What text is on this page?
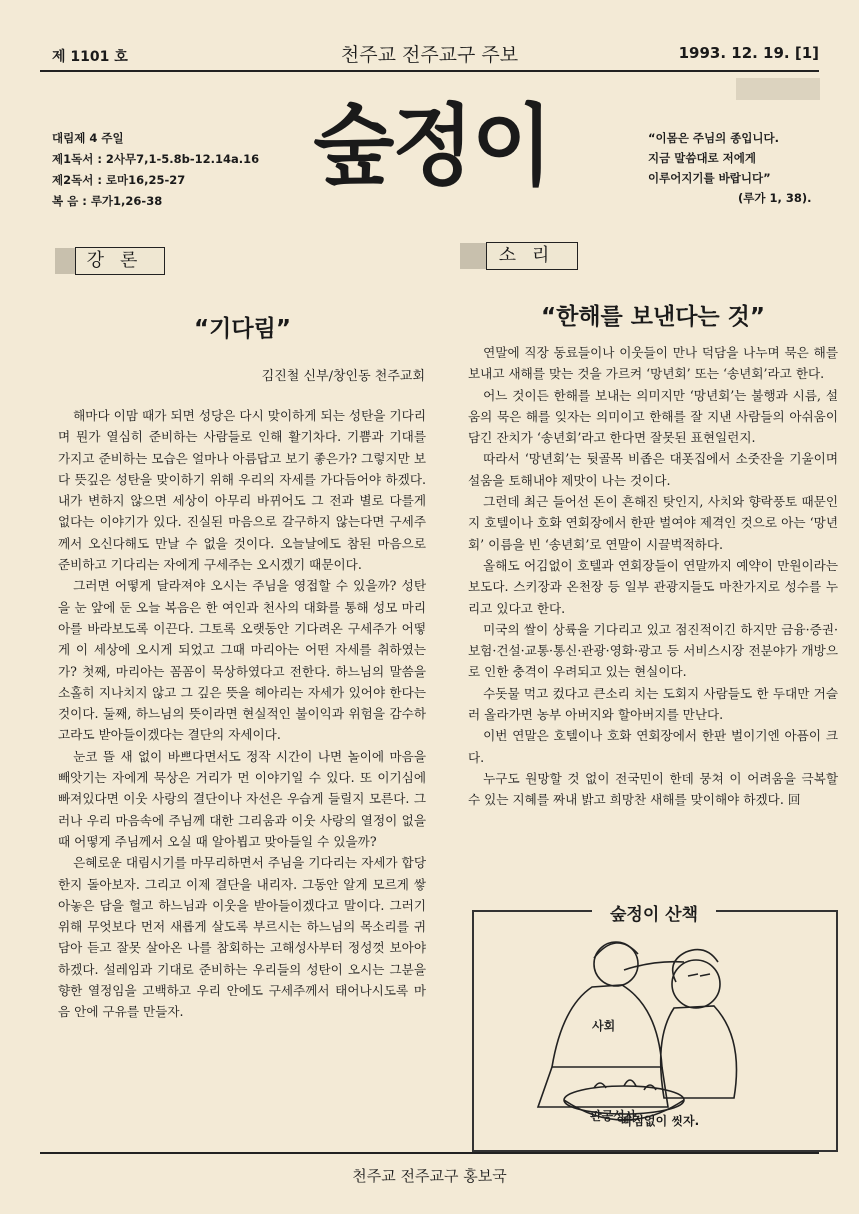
제 1101 호	천주교 전주교구 주보	1993. 12. 19. [1]
대림제 4 주일
제1독서 : 2사무7,1-5.8b-12.14a.16
제2독서 : 로마16,25-27
복 음 : 루가1,26-38
숲정이	“이몸은 주님의 종입니다.
지금 말씀대로 저에게
이루어지기를 바랍니다”
(루가 1, 38).
강론	소리
“기다림”	“한해를 보낸다는 것”
김진철 신부/창인동 천주교회

해마다 이맘 때가 되면 성당은 다시 맞이하게 되는 성탄을 기다리며 뭔가 열심히 준비하는 사람들로 인해 활기차다. 기쁨과 기대를 가지고 준비하는 모습은 얼마나 아름답고 보기 좋은가? 그렇지만 보다 뜻깊은 성탄을 맞이하기 위해 우리의 자세를 가다듬어야 하겠다. 내가 변하지 않으면 세상이 아무리 바뀌어도 그 전과 별로 다를게 없다는 이야기가 있다. 진실된 마음으로 갈구하지 않는다면 구세주께서 오신다해도 만날 수 없을 것이다. 오늘날에도 참된 마음으로 준비하고 기다리는 자에게 구세주는 오시겠기 때문이다.

그러면 어떻게 달라져야 오시는 주님을 영접할 수 있을까? 성탄을 눈 앞에 둔 오늘 복음은 한 여인과 천사의 대화를 통해 성모 마리아를 바라보도록 이끈다. 그토록 오랫동안 기다려온 구세주가 어떻게 이 세상에 오시게 되었고 그때 마리아는 어떤 자세를 취하였는가? 첫째, 마리아는 꼼꼼이 묵상하였다고 전한다. 하느님의 말씀을 소홀히 지나치지 않고 그 깊은 뜻을 헤아리는 자세가 있어야 한다는 것이다. 둘째, 하느님의 뜻이라면 현실적인 불이익과 위험을 감수하고라도 받아들이겠다는 결단의 자세이다.

눈코 뜰 새 없이 바쁘다면서도 정작 시간이 나면 놀이에 마음을 빼앗기는 자에게 묵상은 거리가 먼 이야기일 수 있다. 또 이기심에 빠져있다면 이웃 사랑의 결단이나 자선은 우습게 들릴지 모른다. 그러나 우리 마음속에 주님께 대한 그리움과 이웃 사랑의 열정이 없을 때 어떻게 주님께서 오실 때 알아뵙고 맞아들일 수 있을까?

은혜로운 대림시기를 마무리하면서 주님을 기다리는 자세가 합당한지 돌아보자. 그리고 이제 결단을 내리자. 그동안 알게 모르게 쌓아놓은 담을 헐고 하느님과 이웃을 받아들이겠다고 말이다. 그러기 위해 무엇보다 먼저 새롭게 살도록 부르시는 하느님의 목소리를 귀담아 듣고 잘못 살아온 나를 참회하는 고해성사부터 정성껏 보아야 하겠다. 설레임과 기대로 준비하는 우리들의 성탄이 오시는 그분을 향한 열정임을 고백하고 우리 안에도 구세주께서 태어나시도록 마음 안에 구유를 만들자.

연말에 직장 동료들이나 이웃들이 만나 덕담을 나누며 묵은 해를 보내고 새해를 맞는 것을 가르켜 ‘망년회’ 또는 ‘송년회’라고 한다.

어느 것이든 한해를 보내는 의미지만 ‘망년회’는 불행과 시름, 설움의 묵은 해를 잊자는 의미이고 한해를 잘 지낸 사람들의 아쉬움이 담긴 잔치가 ‘송년회’라고 한다면 잘못된 표현일런지.

따라서 ‘망년회’는 뒷골목 비좁은 대폿집에서 소줏잔을 기울이며 설움을 토해내야 제맛이 나는 것이다.

그런데 최근 들어선 돈이 흔해진 탓인지, 사치와 향락풍토 때문인지 호텔이나 호화 연회장에서 한판 벌여야 제격인 것으로 아는 ‘망년회’ 이름을 빈 ‘송년회’로 연말이 시끌벅적하다.

올해도 어김없이 호텔과 연회장들이 연말까지 예약이 만원이라는 보도다. 스키장과 온천장 등 일부 관광지들도 마찬가지로 성수를 누리고 있다고 한다.

미국의 쌀이 상륙을 기다리고 있고 점진적이긴 하지만 금융·증권·보험·건설·교통·통신·관광·영화·광고 등 서비스시장 전분야가 개방으로 인한 충격이 우려되고 있는 현실이다.

수돗물 먹고 컸다고 큰소리 치는 도회지 사람들도 한 두대만 거슬러 올라가면 농부 아버지와 할아버지를 만난다.

이번 연말은 호텔이나 호화 연회장에서 한판 벌이기엔 아픔이 크다.

누구도 원망할 것 없이 전국민이 한데 뭉쳐 이 어려움을 극복할 수 있는 지혜를 짜내 밝고 희망찬 새해를 맞이해야 하겠다. 回

사회
판공성사
숲정이 산책
빠짐없이 씻자.
천주교 전주교구 홍보국
